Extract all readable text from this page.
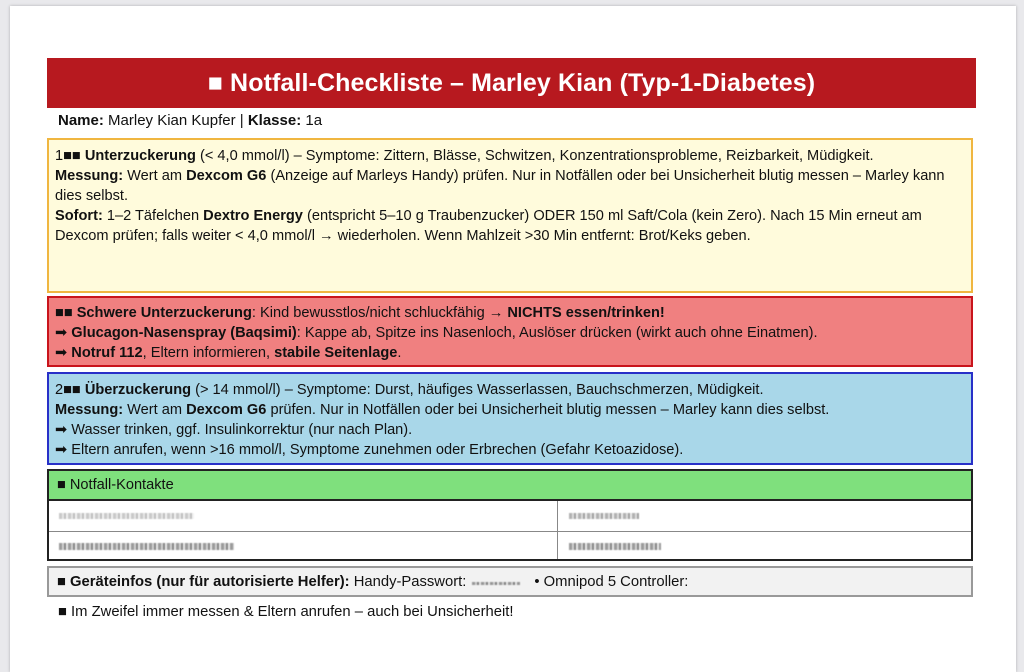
■ Notfall-Checkliste – Marley Kian (Typ-1-Diabetes)
Name: Marley Kian Kupfer | Klasse: 1a

1■■ Unterzuckerung (< 4,0 mmol/l) – Symptome: Zittern, Blässe, Schwitzen, Konzentrationsprobleme, Reizbarkeit, Müdigkeit.

Messung: Wert am Dexcom G6 (Anzeige auf Marleys Handy) prüfen. Nur in Notfällen oder bei Unsicherheit blutig messen – Marley kann dies selbst.

Sofort: 1–2 Täfelchen Dextro Energy (entspricht 5–10 g Traubenzucker) ODER 150 ml Saft/Cola (kein Zero). Nach 15 Min erneut am Dexcom prüfen; falls weiter < 4,0 mmol/l → wiederholen. Wenn Mahlzeit >30 Min entfernt: Brot/Keks geben.

■■ Schwere Unterzuckerung: Kind bewusstlos/nicht schluckfähig → NICHTS essen/trinken!

➡ Glucagon-Nasenspray (Baqsimi): Kappe ab, Spitze ins Nasenloch, Auslöser drücken (wirkt auch ohne Einatmen).

➡ Notruf 112, Eltern informieren, stabile Seitenlage.

2■■ Überzuckerung (> 14 mmol/l) – Symptome: Durst, häufiges Wasserlassen, Bauchschmerzen, Müdigkeit.

Messung: Wert am Dexcom G6 prüfen. Nur in Notfällen oder bei Unsicherheit blutig messen – Marley kann dies selbst.

➡ Wasser trinken, ggf. Insulinkorrektur (nur nach Plan).

➡ Eltern anrufen, wenn >16 mmol/l, Symptome zunehmen oder Erbrechen (Gefahr Ketoazidose).

■ Notfall-Kontakte
■ Geräteinfos (nur für autorisierte Helfer): Handy-Passwort:	• Omnipod 5 Controller:
■ Im Zweifel immer messen & Eltern anrufen – auch bei Unsicherheit!
